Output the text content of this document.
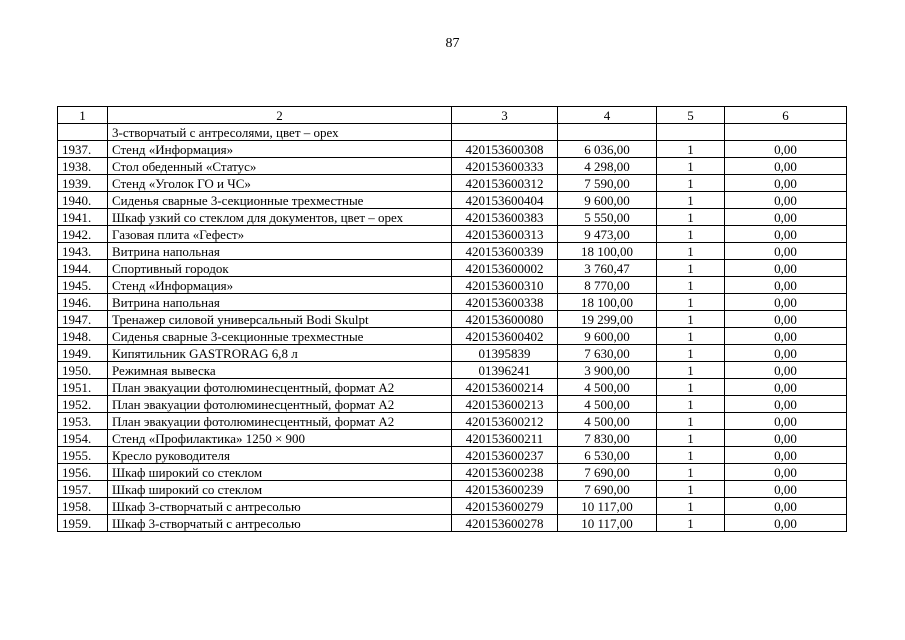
87
1	2	3	4	5	6
	3-створчатый с антресолями, цвет – орех				
1937.	Стенд «Информация»	420153600308	6 036,00	1	0,00
1938.	Стол обеденный «Статус»	420153600333	4 298,00	1	0,00
1939.	Стенд «Уголок ГО и ЧС»	420153600312	7 590,00	1	0,00
1940.	Сиденья сварные 3-секционные трехместные	420153600404	9 600,00	1	0,00
1941.	Шкаф узкий со стеклом для документов, цвет – орех	420153600383	5 550,00	1	0,00
1942.	Газовая плита «Гефест»	420153600313	9 473,00	1	0,00
1943.	Витрина напольная	420153600339	18 100,00	1	0,00
1944.	Спортивный городок	420153600002	3 760,47	1	0,00
1945.	Стенд «Информация»	420153600310	8 770,00	1	0,00
1946.	Витрина напольная	420153600338	18 100,00	1	0,00
1947.	Тренажер силовой универсальный Bodi Skulpt	420153600080	19 299,00	1	0,00
1948.	Сиденья сварные 3-секционные трехместные	420153600402	9 600,00	1	0,00
1949.	Кипятильник GASTRORAG 6,8 л	01395839	7 630,00	1	0,00
1950.	Режимная вывеска	01396241	3 900,00	1	0,00
1951.	План эвакуации фотолюминесцентный, формат А2	420153600214	4 500,00	1	0,00
1952.	План эвакуации фотолюминесцентный, формат А2	420153600213	4 500,00	1	0,00
1953.	План эвакуации фотолюминесцентный, формат А2	420153600212	4 500,00	1	0,00
1954.	Стенд «Профилактика» 1250 × 900	420153600211	7 830,00	1	0,00
1955.	Кресло руководителя	420153600237	6 530,00	1	0,00
1956.	Шкаф широкий со стеклом	420153600238	7 690,00	1	0,00
1957.	Шкаф широкий со стеклом	420153600239	7 690,00	1	0,00
1958.	Шкаф 3-створчатый с антресолью	420153600279	10 117,00	1	0,00
1959.	Шкаф 3-створчатый с антресолью	420153600278	10 117,00	1	0,00
